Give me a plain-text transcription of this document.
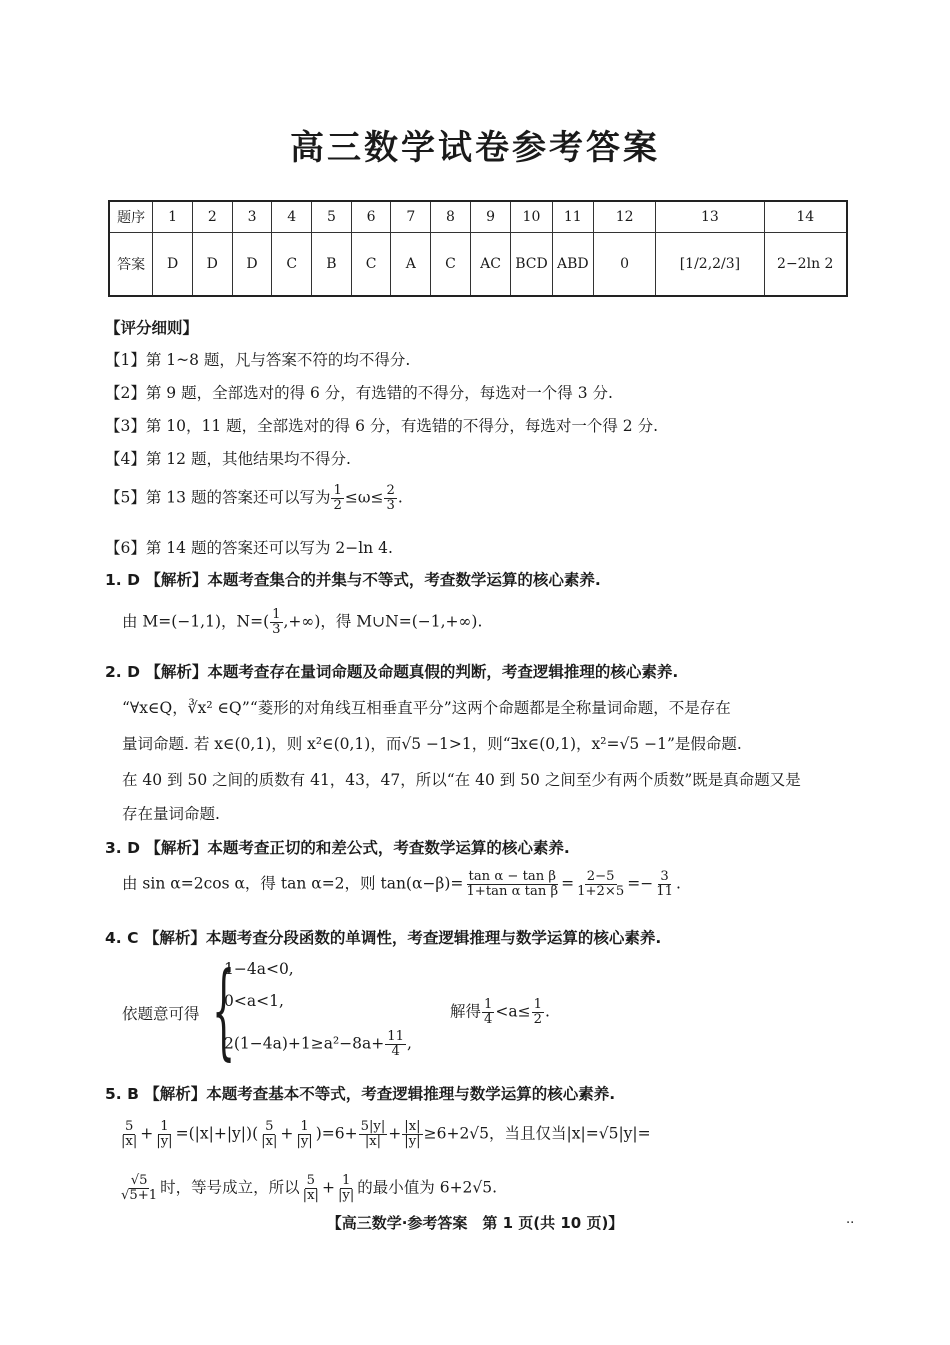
高三数学试卷参考答案
题序	1	2	3	4	5	6	7	8	9	10	11	12	13	14
答案	D	D	D	C	B	C	A	C	AC	BCD	ABD	0	[1/2,2/3]	2−2ln 2
【评分细则】
【1】第 1~8 题，凡与答案不符的均不得分.
【2】第 9 题，全部选对的得 6 分，有选错的不得分，每选对一个得 3 分.
【3】第 10，11 题，全部选对的得 6 分，有选错的不得分，每选对一个得 2 分.
【4】第 12 题，其他结果均不得分.
【5】第 13 题的答案还可以写为 $\frac{1}{2} \le\omega\le \frac{2}{3}$ .
【6】第 14 题的答案还可以写为 2−ln 4.
1. D 【解析】本题考查集合的并集与不等式，考查数学运算的核心素养.
由 M=(−1,1)，$N=( \frac{1}{3}$ ,+∞)，得 M∪N=(−1,+∞).
2. D 【解析】本题考查存在量词命题及命题真假的判断，考查逻辑推理的核心素养.
“∀x∈Q，∛x² ∈Q”“菱形的对角线互相垂直平分”这两个命题都是全称量词命题，不是存在
量词命题. 若 x∈(0,1)，则 x²∈(0,1)，而√5 −1>1，则“∃x∈(0,1)，x²=√5 −1”是假命题.
在 40 到 50 之间的质数有 41，43，47，所以“在 40 到 50 之间至少有两个质数”既是真命题又是
存在量词命题.
3. D 【解析】本题考查正切的和差公式，考查数学运算的核心素养.
由 sin α=2cos α，得 tan α=2，则 $\tan(\alpha-\beta)= \frac{\text{tan α − tan β}}{\text{1+tan α tan β}} = \frac{2-5}{1+2\times 5} =- \frac{3}{11}$ .
4. C 【解析】本题考查分段函数的单调性，考查逻辑推理与数学运算的核心素养.
依题意可得 {
1−4a<0,
0<a<1,
$2(1-4a)+1\ge a^2-8a+ \frac{11}{4}$ ,
解得 $\frac{1}{4} <a\le \frac{1}{2}$ .
5. B 【解析】本题考查基本不等式，考查逻辑推理与数学运算的核心素养.
$\frac{5}{|x|} + \frac{1}{|y|} =(|x|+|y|)( \frac{5}{|x|} + \frac{1}{|y|} )=6+ \frac{5|y|}{|x|} + \frac{|x|}{|y|} \ge 6+2√5$，当且仅当|x|=√5|y|=
$\frac{√5}{√5+1}$ 时，等号成立，所以 $\frac{5}{|x|} + \frac{1}{|y|}$ 的最小值为 6+2√5.
【高三数学·参考答案　第 1 页(共 10 页)】	..
